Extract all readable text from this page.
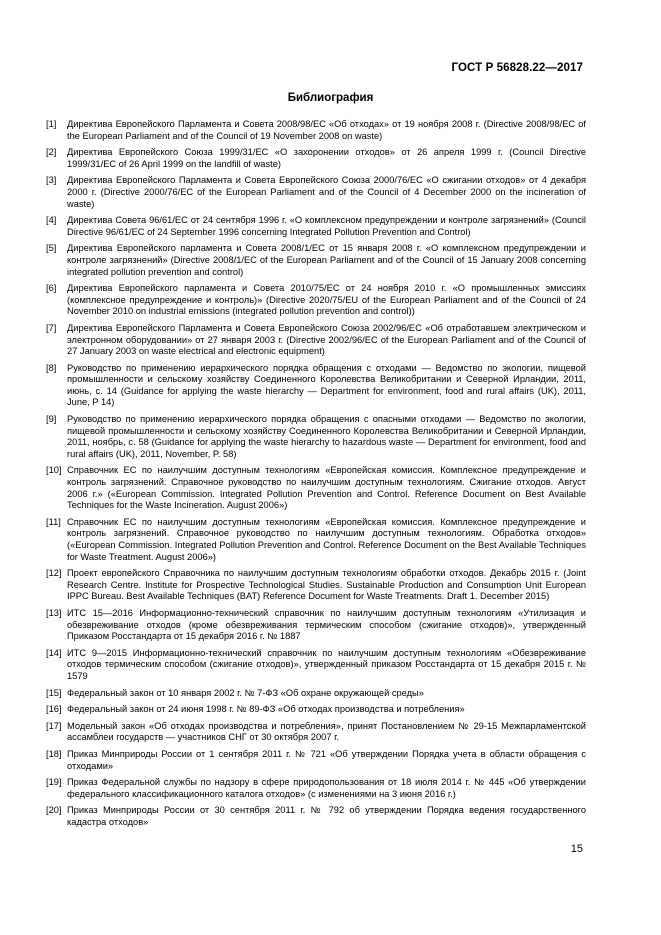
ГОСТ Р 56828.22—2017
Библиография
[1]	Директива Европейского Парламента и Совета 2008/98/ЕС «Об отходах» от 19 ноября 2008 г. (Directive 2008/98/EC of the European Parliament and of the Council of 19 November 2008 on waste)
[2]	Директива Европейского Союза 1999/31/ЕС «О захоронении отходов» от 26 апреля 1999 г. (Council Directive 1999/31/EC of 26 April 1999 on the landfill of waste)
[3]	Директива Европейского Парламента и Совета Европейского Союза 2000/76/ЕС «О сжигании отходов» от 4 декабря 2000 г. (Directive 2000/76/EC of the European Parliament and of the Council of 4 December 2000 on the incineration of waste)
[4]	Директива Совета 96/61/ЕС от 24 сентября 1996 г. «О комплексном предупреждении и контроле загрязнений» (Council Directive 96/61/EC of 24 September 1996 concerning Integrated Pollution Prevention and Control)
[5]	Директива Европейского парламента и Совета 2008/1/ЕС от 15 января 2008 г. «О комплексном предупреждении и контроле загрязнений» (Directive 2008/1/EC of the European Parliament and of the Council of 15 January 2008 concerning integrated pollution prevention and control)
[6]	Директива Европейского парламента и Совета 2010/75/ЕС от 24 ноября 2010 г. «О промышленных эмиссиях (комплексное предупреждение и контроль)» (Directive 2020/75/EU of the European Parliament and of the Council of 24 November 2010 on industrial emissions (integrated pollution prevention and control))
[7]	Директива Европейского Парламента и Совета Европейского Союза 2002/96/ЕС «Об отработавшем электрическом и электронном оборудовании» от 27 января 2003 г. (Directive 2002/96/EC of the European Parliament and of the Council of 27 January 2003 on waste electrical and electronic equipment)
[8]	Руководство по применению иерархического порядка обращения с отходами — Ведомство по экологии, пищевой промышленности и сельскому хозяйству Соединенного Королевства Великобритании и Северной Ирландии, 2011, июнь, с. 14 (Guidance for applying the waste hierarchy — Department for environment, food and rural affairs (UK), 2011, June, P 14)
[9]	Руководство по применению иерархического порядка обращения с опасными отходами — Ведомство по экологии, пищевой промышленности и сельскому хозяйству Соединенного Королевства Великобритании и Северной Ирландии, 2011, ноябрь, с. 58 (Guidance for applying the waste hierarchy to hazardous waste — Department for environment, food and rural affairs (UK), 2011, November, P. 58)
[10] Справочник ЕС по наилучшим доступным технологиям «Европейская комиссия. Комплексное предупреждение и контроль загрязнений. Справочное руководство по наилучшим доступным технологиям. Сжигание отходов. Август 2006 г.» («European Commission. Integrated Pollution Prevention and Control. Reference Document on Best Available Techniques for the Waste Incineration. August 2006»)
[11] Справочник ЕС по наилучшим доступным технологиям «Европейская комиссия. Комплексное предупреждение и контроль загрязнений. Справочное руководство по наилучшим доступным технологиям. Обработка отходов» («European Commission. Integrated Pollution Prevention and Control. Reference Document on the Best Available Techniques for Waste Treatment. August 2006»)
[12] Проект европейского Справочника по наилучшим доступным технологиям обработки отходов. Декабрь 2015 г. (Joint Research Centre. Institute for Prospective Technological Studies. Sustainable Production and Consumption Unit European IPPC Bureau. Best Available Techniques (BAT) Reference Document for Waste Treatments. Draft 1. December 2015)
[13] ИТС 15—2016 Информационно-технический справочник по наилучшим доступным технологиям «Утилизация и обезвреживание отходов (кроме обезвреживания термическим способом (сжигание отходов)», утвержденный Приказом Росстандарта от 15 декабря 2016 г. № 1887
[14] ИТС 9—2015 Информационно-технический справочник по наилучшим доступным технологиям «Обезвреживание отходов термическим способом (сжигание отходов)», утвержденный приказом Росстандарта от 15 декабря 2015 г. № 1579
[15] Федеральный закон от 10 января 2002 г. № 7-ФЗ «Об охране окружающей среды»
[16] Федеральный закон от 24 июня 1998 г. № 89-ФЗ «Об отходах производства и потребления»
[17] Модельный закон «Об отходах производства и потребления», принят Постановлением № 29-15 Межпарламентской ассамблеи государств — участников СНГ от 30 октября 2007 г.
[18] Приказ Минприроды России от 1 сентября 2011 г. № 721 «Об утверждении Порядка учета в области обращения с отходами»
[19] Приказ Федеральной службы по надзору в сфере природопользования от 18 июля 2014 г. № 445 «Об утверждении федерального классификационного каталога отходов» (с изменениями на 3 июня 2016 г.)
[20] Приказ Минприроды России от 30 сентября 2011 г. № 792 об утверждении Порядка ведения государственного кадастра отходов»
15
